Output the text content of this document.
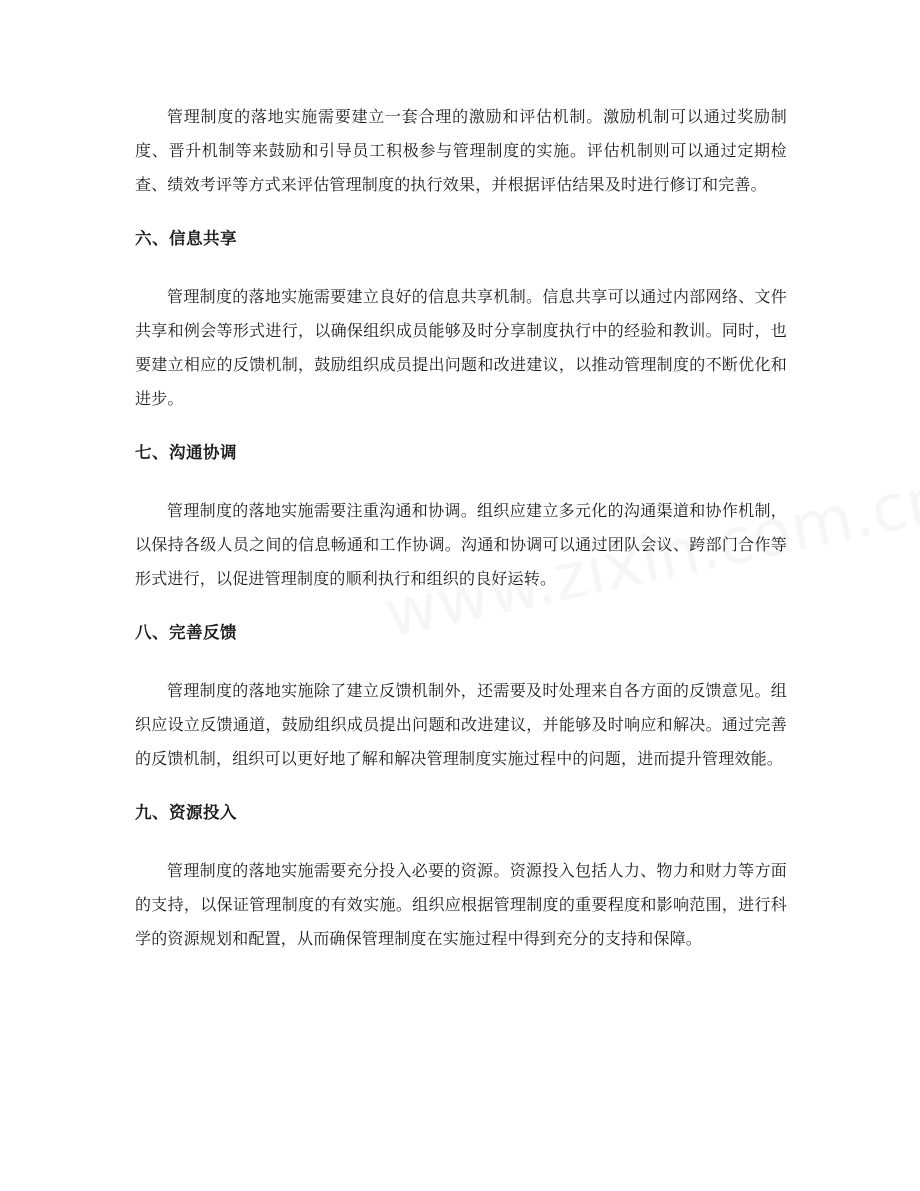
管理制度的落地实施需要建立一套合理的激励和评估机制。激励机制可以通过奖励制度、晋升机制等来鼓励和引导员工积极参与管理制度的实施。评估机制则可以通过定期检查、绩效考评等方式来评估管理制度的执行效果，并根据评估结果及时进行修订和完善。

六、信息共享

管理制度的落地实施需要建立良好的信息共享机制。信息共享可以通过内部网络、文件共享和例会等形式进行，以确保组织成员能够及时分享制度执行中的经验和教训。同时，也要建立相应的反馈机制，鼓励组织成员提出问题和改进建议，以推动管理制度的不断优化和进步。

七、沟通协调

管理制度的落地实施需要注重沟通和协调。组织应建立多元化的沟通渠道和协作机制，以保持各级人员之间的信息畅通和工作协调。沟通和协调可以通过团队会议、跨部门合作等形式进行，以促进管理制度的顺利执行和组织的良好运转。

八、完善反馈

管理制度的落地实施除了建立反馈机制外，还需要及时处理来自各方面的反馈意见。组织应设立反馈通道，鼓励组织成员提出问题和改进建议，并能够及时响应和解决。通过完善的反馈机制，组织可以更好地了解和解决管理制度实施过程中的问题，进而提升管理效能。

九、资源投入

管理制度的落地实施需要充分投入必要的资源。资源投入包括人力、物力和财力等方面的支持，以保证管理制度的有效实施。组织应根据管理制度的重要程度和影响范围，进行科学的资源规划和配置，从而确保管理制度在实施过程中得到充分的支持和保障。
